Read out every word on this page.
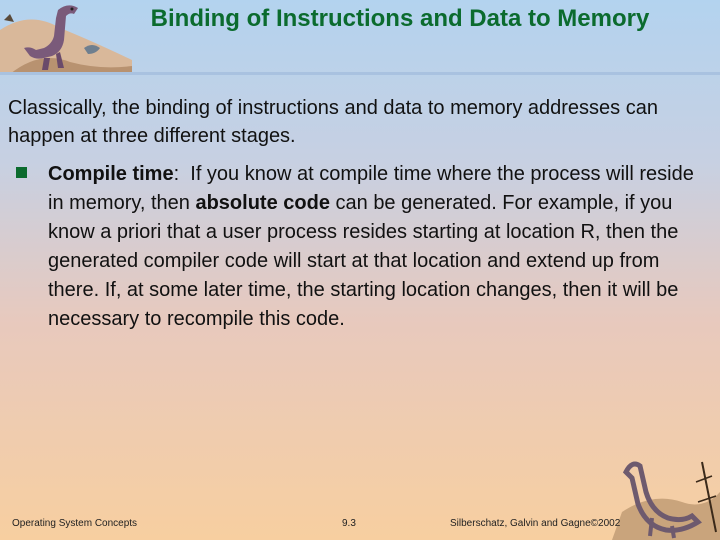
Binding of Instructions and Data to Memory
Classically, the binding of instructions and data to memory addresses can happen at three different stages.
Compile time: If you know at compile time where the process will reside in memory, then absolute code can be generated. For example, if you know a priori that a user process resides starting at location R, then the generated compiler code will start at that location and extend up from there. If, at some later time, the starting location changes, then it will be necessary to recompile this code.
Operating System Concepts	9.3	Silberschatz, Galvin and Gagne©2002
